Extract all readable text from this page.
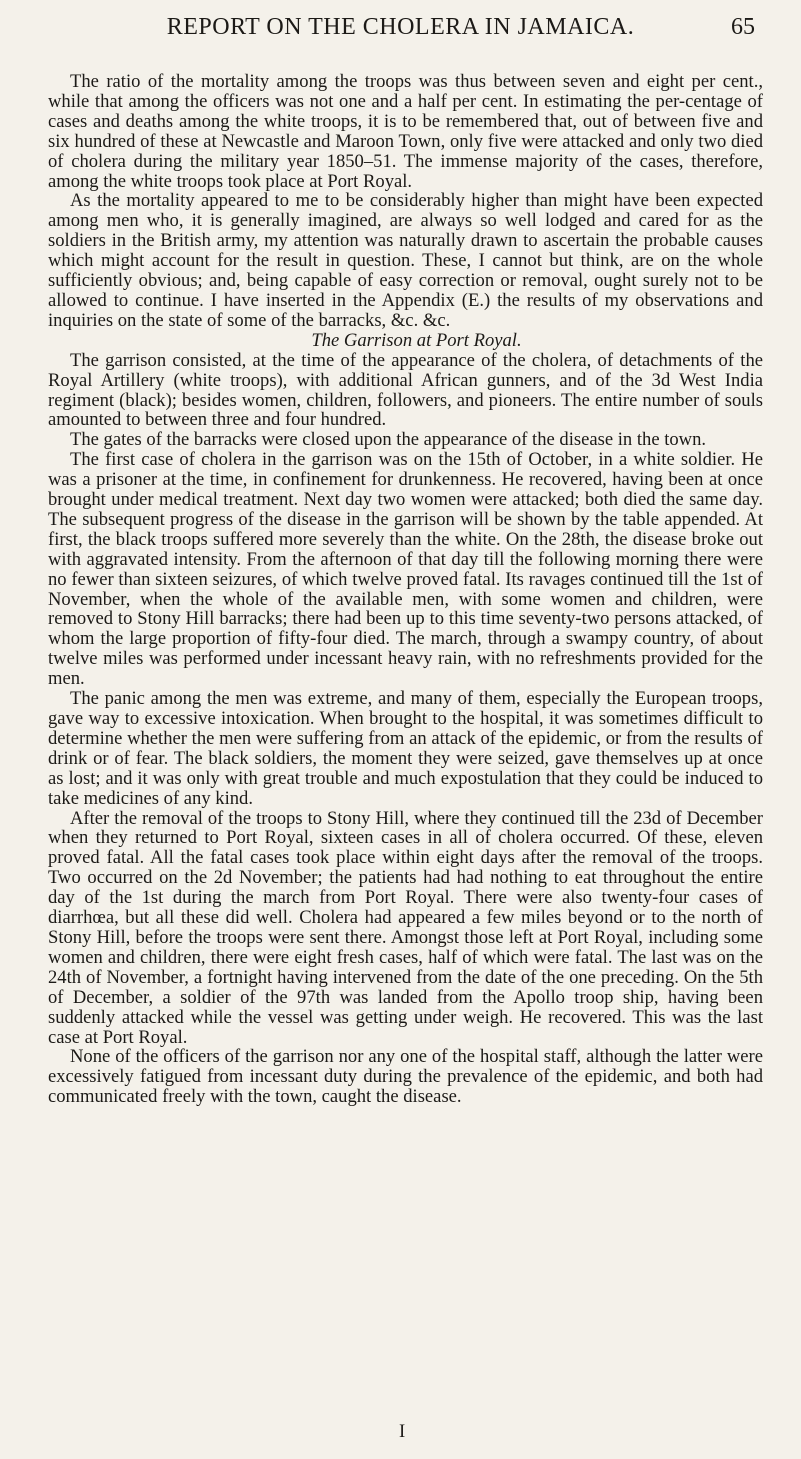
REPORT ON THE CHOLERA IN JAMAICA.	65

The ratio of the mortality among the troops was thus between seven and eight per cent., while that among the officers was not one and a half per cent. In estimating the per-centage of cases and deaths among the white troops, it is to be remembered that, out of between five and six hundred of these at Newcastle and Maroon Town, only five were attacked and only two died of cholera during the military year 1850–51. The immense majority of the cases, therefore, among the white troops took place at Port Royal.

As the mortality appeared to me to be considerably higher than might have been expected among men who, it is generally imagined, are always so well lodged and cared for as the soldiers in the British army, my attention was naturally drawn to ascertain the probable causes which might account for the result in question. These, I cannot but think, are on the whole sufficiently obvious; and, being capable of easy correction or removal, ought surely not to be allowed to continue. I have inserted in the Appendix (E.) the results of my observations and inquiries on the state of some of the barracks, &c. &c.

The Garrison at Port Royal.

The garrison consisted, at the time of the appearance of the cholera, of detachments of the Royal Artillery (white troops), with additional African gunners, and of the 3d West India regiment (black); besides women, children, followers, and pioneers. The entire number of souls amounted to between three and four hundred.

The gates of the barracks were closed upon the appearance of the disease in the town.

The first case of cholera in the garrison was on the 15th of October, in a white soldier. He was a prisoner at the time, in confinement for drunkenness. He recovered, having been at once brought under medical treatment. Next day two women were attacked; both died the same day. The subsequent progress of the disease in the garrison will be shown by the table appended. At first, the black troops suffered more severely than the white. On the 28th, the disease broke out with aggravated intensity. From the afternoon of that day till the following morning there were no fewer than sixteen seizures, of which twelve proved fatal. Its ravages continued till the 1st of November, when the whole of the available men, with some women and children, were removed to Stony Hill barracks; there had been up to this time seventy-two persons attacked, of whom the large proportion of fifty-four died. The march, through a swampy country, of about twelve miles was performed under incessant heavy rain, with no refreshments provided for the men.

The panic among the men was extreme, and many of them, especially the European troops, gave way to excessive intoxication. When brought to the hospital, it was sometimes difficult to determine whether the men were suffering from an attack of the epidemic, or from the results of drink or of fear. The black soldiers, the moment they were seized, gave themselves up at once as lost; and it was only with great trouble and much expostulation that they could be induced to take medicines of any kind.

After the removal of the troops to Stony Hill, where they continued till the 23d of December when they returned to Port Royal, sixteen cases in all of cholera occurred. Of these, eleven proved fatal. All the fatal cases took place within eight days after the removal of the troops. Two occurred on the 2d November; the patients had had nothing to eat throughout the entire day of the 1st during the march from Port Royal. There were also twenty-four cases of diarrhœa, but all these did well. Cholera had appeared a few miles beyond or to the north of Stony Hill, before the troops were sent there. Amongst those left at Port Royal, including some women and children, there were eight fresh cases, half of which were fatal. The last was on the 24th of November, a fortnight having intervened from the date of the one preceding. On the 5th of December, a soldier of the 97th was landed from the Apollo troop ship, having been suddenly attacked while the vessel was getting under weigh. He recovered. This was the last case at Port Royal.

None of the officers of the garrison nor any one of the hospital staff, although the latter were excessively fatigued from incessant duty during the prevalence of the epidemic, and both had communicated freely with the town, caught the disease.

I
